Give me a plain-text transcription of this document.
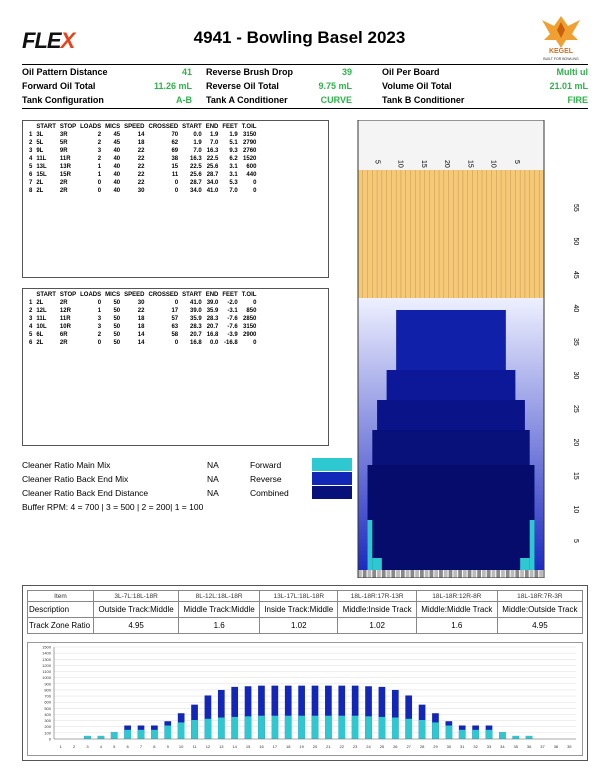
FLEX	4941 - Bowling Basel 2023
KEGEL
BUILT FOR BOWLING
Oil Pattern Distance	41 Reverse Brush Drop	39	Oil Per Board	Multi ul
Forward Oil Total	11.26 mL Reverse Oil Total	9.75 mL	Volume Oil Total	21.01 mL
Tank Configuration	A-B Tank A Conditioner	CURVE	Tank B Conditioner	FIRE
	START	STOP	LOADS	MICS	SPEED	CROSSED	START	END	FEET	T.OIL
1	3L	3R	2	45	14	70	0.0	1.9	1.9	3150
2	5L	5R	2	45	18	62	1.9	7.0	5.1	2790
3	9L	9R	3	40	22	69	7.0	16.3	9.3	2760
4	11L	11R	2	40	22	38	16.3	22.5	6.2	1520
5	13L	13R	1	40	22	15	22.5	25.6	3.1	600
6	15L	15R	1	40	22	11	25.6	28.7	3.1	440
7	2L	2R	0	40	22	0	28.7	34.0	5.3	0
8	2L	2R	0	40	30	0	34.0	41.0	7.0	0
	START	STOP	LOADS	MICS	SPEED	CROSSED	START	END	FEET	T.OIL
1	2L	2R	0	50	30	0	41.0	39.0	-2.0	0
2	12L	12R	1	50	22	17	39.0	35.9	-3.1	850
3	11L	11R	3	50	18	57	35.9	28.3	-7.6	2850
4	10L	10R	3	50	18	63	28.3	20.7	-7.6	3150
5	6L	6R	2	50	14	58	20.7	16.8	-3.9	2900
6	2L	2R	0	50	14	0	16.8	0.0	-16.8	0
Cleaner Ratio Main Mix	NA	Forward
Cleaner Ratio Back End Mix	NA	Reverse
Cleaner Ratio Back End Distance	NA	Combined
Buffer RPM: 4 = 700 | 3 = 500 | 2 = 200| 1 = 100
5 10 15 20 15 10 5
55
50
45
40
35
30
25
20
15
10
5
Item	3L-7L:18L-18R	8L-12L:18L-18R	13L-17L:18L-18R	18L-18R:17R-13R	18L-18R:12R-8R	18L-18R:7R-3R
Description	Outside Track:Middle	Middle Track:Middle	Inside Track:Middle	Middle:Inside Track	Middle:Middle Track	Middle:Outside Track
Track Zone Ratio	4.95	1.6	1.02	1.02	1.6	4.95
1500
1400
1300
1200
1100
1000
900
800
700
600
500
400
300
200
100
0
1	2	3	4	5	6	7	8	9	10 11 12 13 14 15 16 17 18 19 20 21 22 23 24 25 26 27 28 29 30 31 32 33 34 35 36 37 38 39
